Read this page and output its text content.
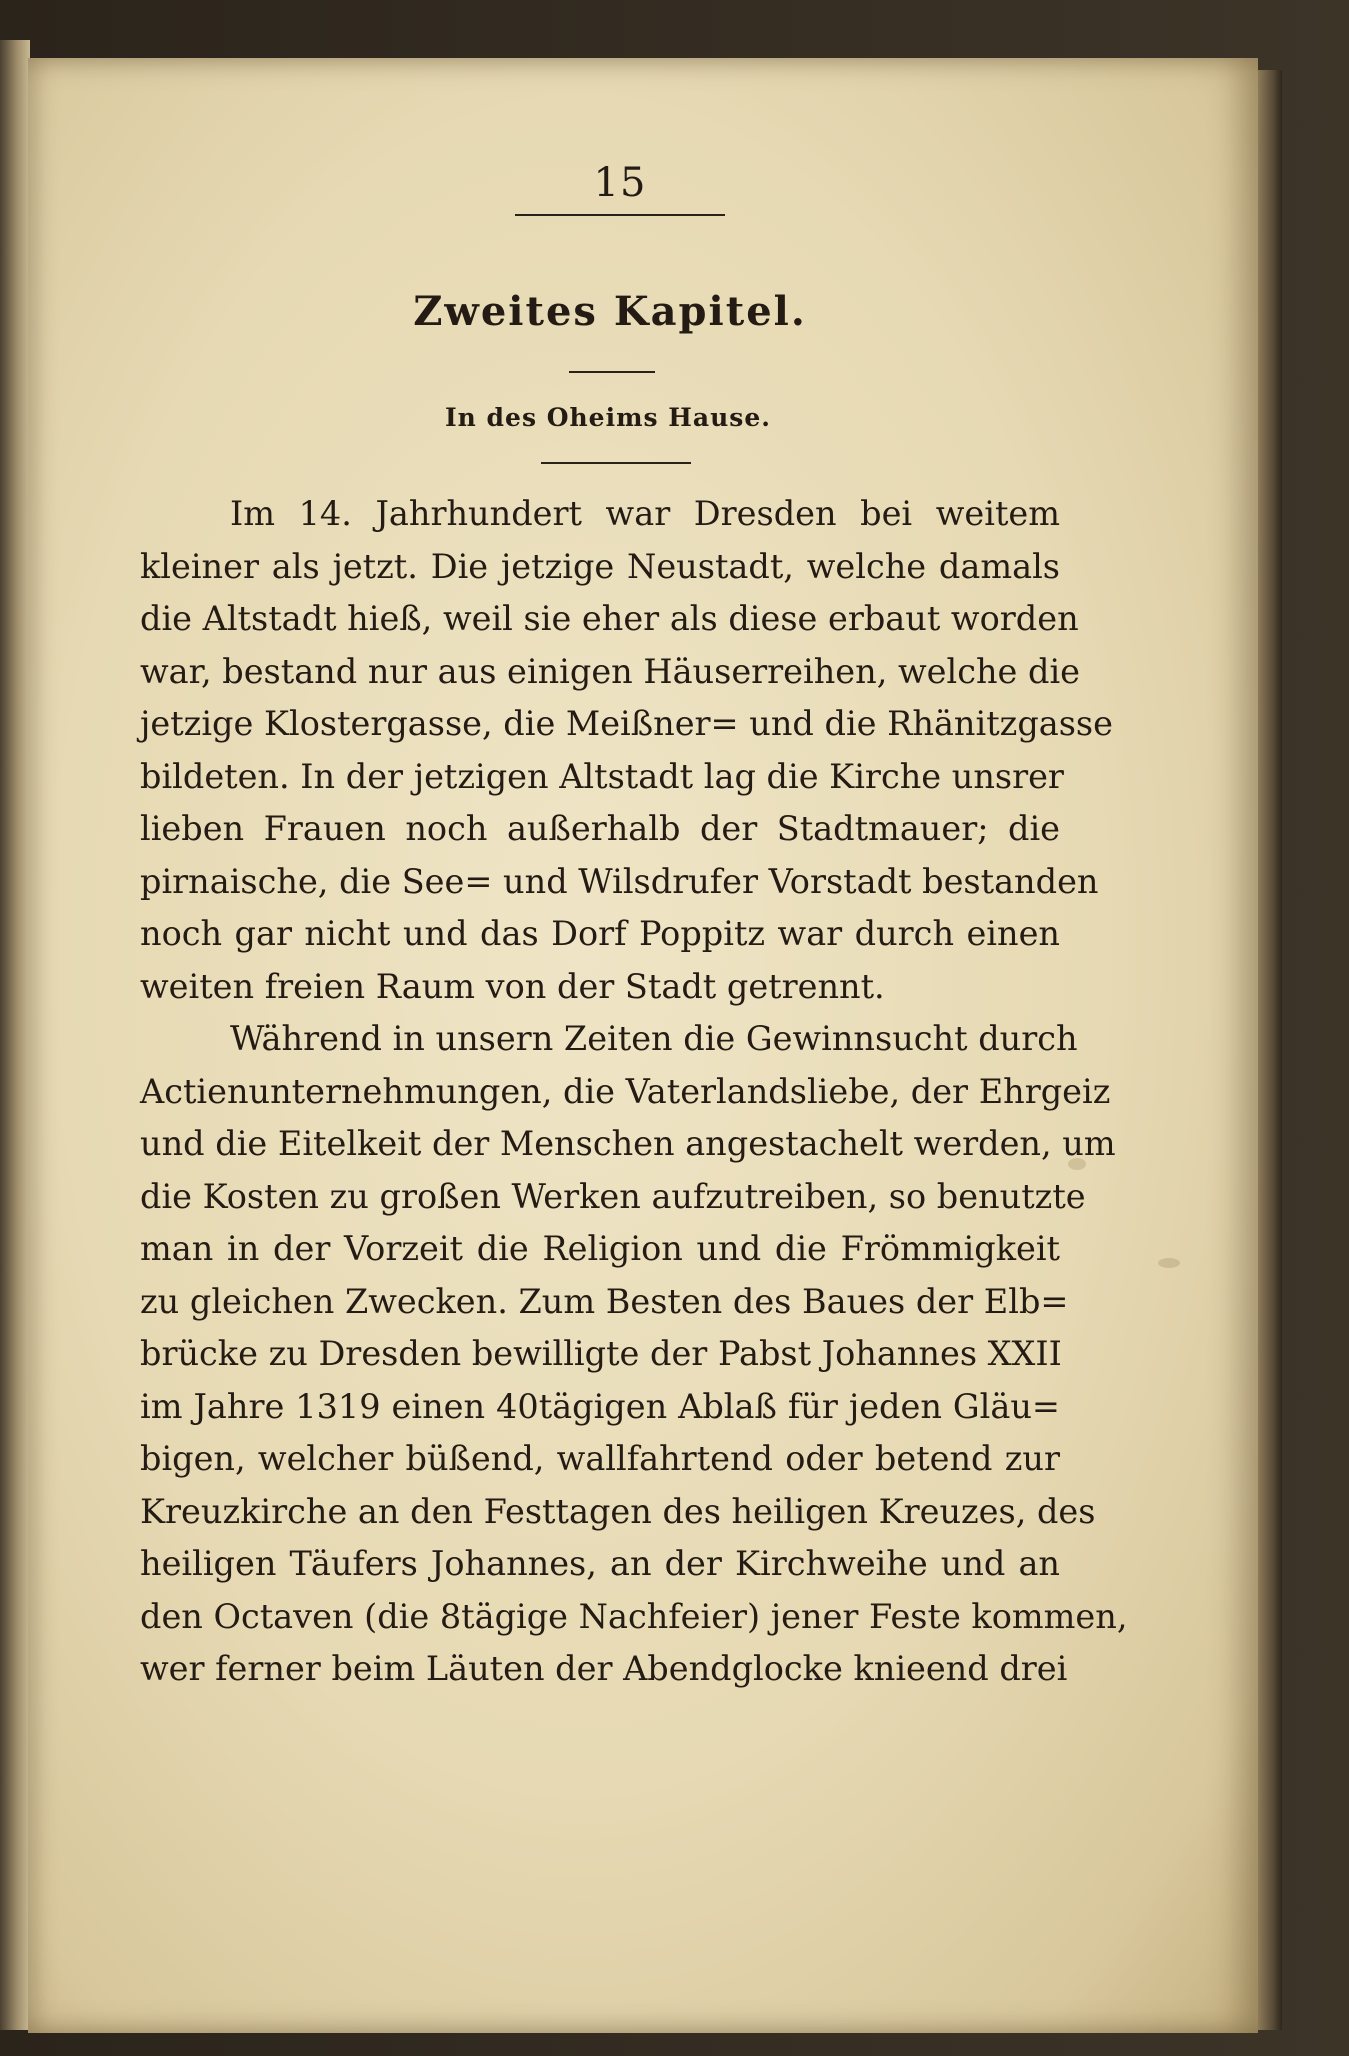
15
Zweites Kapitel.
In des Oheims Hause.
Im 14. Jahrhundert war Dresden bei weitem
kleiner als jetzt. Die jetzige Neustadt, welche damals
die Altstadt hieß, weil sie eher als diese erbaut worden
war, bestand nur aus einigen Häuserreihen, welche die
jetzige Klostergasse, die Meißner= und die Rhänitzgasse
bildeten. In der jetzigen Altstadt lag die Kirche unsrer
lieben Frauen noch außerhalb der Stadtmauer; die
pirnaische, die See= und Wilsdrufer Vorstadt bestanden
noch gar nicht und das Dorf Poppitz war durch einen
weiten freien Raum von der Stadt getrennt.
Während in unsern Zeiten die Gewinnsucht durch
Actienunternehmungen, die Vaterlandsliebe, der Ehrgeiz
und die Eitelkeit der Menschen angestachelt werden, um
die Kosten zu großen Werken aufzutreiben, so benutzte
man in der Vorzeit die Religion und die Frömmigkeit
zu gleichen Zwecken. Zum Besten des Baues der Elb=
brücke zu Dresden bewilligte der Pabst Johannes XXII
im Jahre 1319 einen 40tägigen Ablaß für jeden Gläu=
bigen, welcher büßend, wallfahrtend oder betend zur
Kreuzkirche an den Festtagen des heiligen Kreuzes, des
heiligen Täufers Johannes, an der Kirchweihe und an
den Octaven (die 8tägige Nachfeier) jener Feste kommen,
wer ferner beim Läuten der Abendglocke knieend drei
